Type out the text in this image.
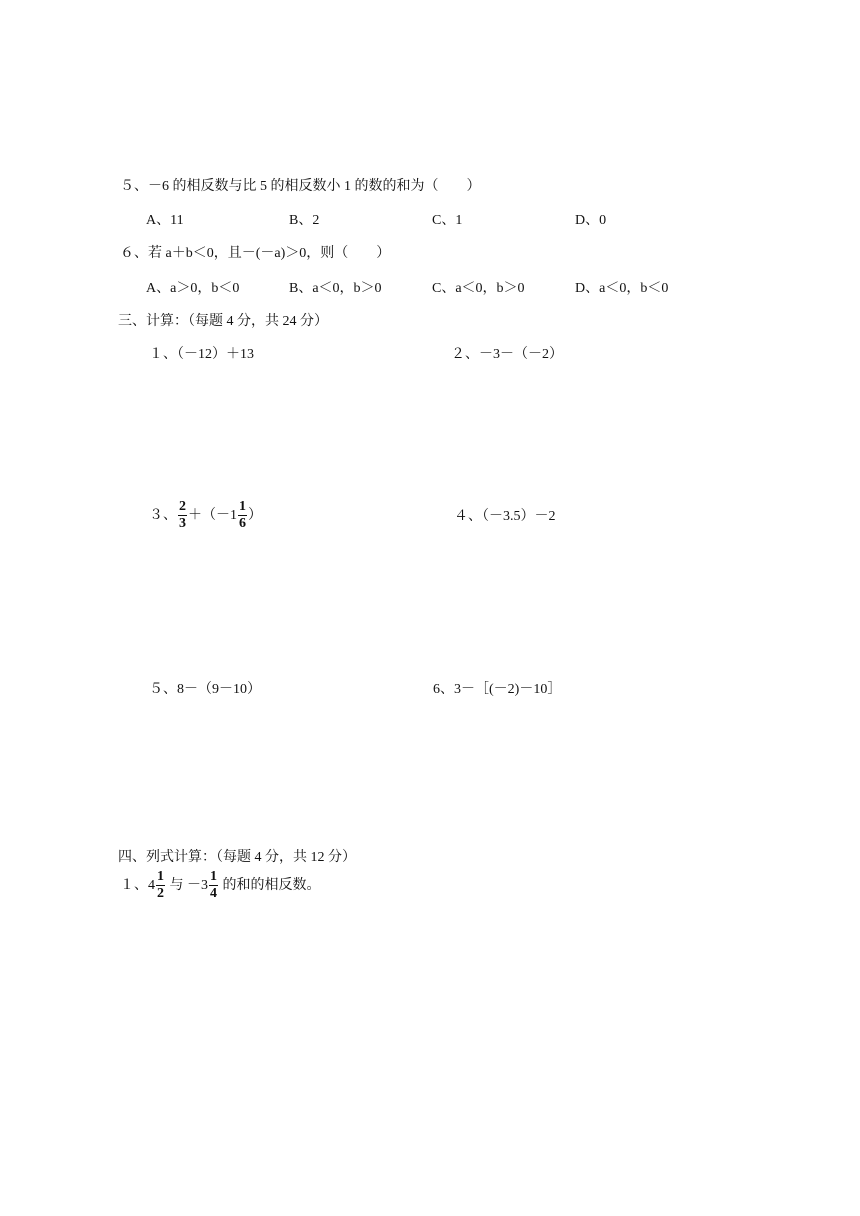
５、－6 的相反数与比 5 的相反数小 1 的数的和为（　　）
A、11	B、2	C、1	D、0
６、若 a＋b＜0，且－(－a)＞0，则（　　）
A、a＞0，b＜0	B、a＜0，b＞0	C、a＜0，b＞0	D、a＜0，b＜0
三、计算：（每题 4 分，共 24 分）
１、（－12）＋13	２、－3－（－2）
３、 $\frac{2}{3} +(-1 \frac{1}{6}$ ）	４、（－3.5）－2
５、8－（9－10）	6、3－［(－2)－10］
四、列式计算：（每题 4 分，共 12 分）
１、$4 \frac{1}{2}$ 与 $-3 \frac{1}{4}$ 的和的相反数。
